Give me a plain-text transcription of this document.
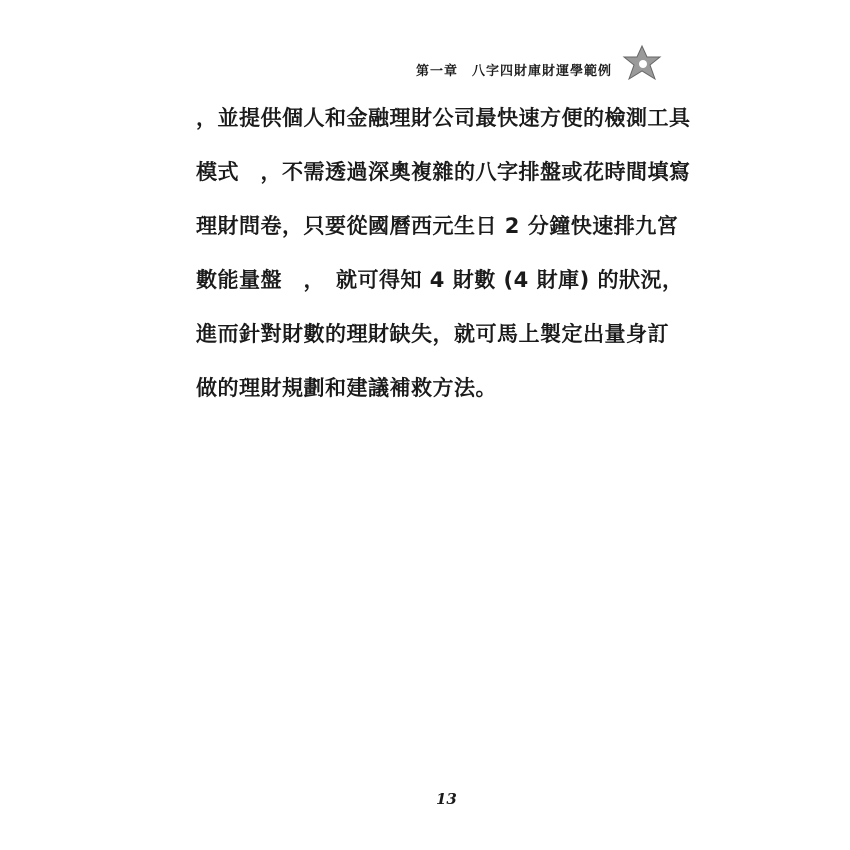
第一章　八字四財庫財運學範例
，並提供個人和金融理財公司最快速方便的檢測工具
模式　，不需透過深奧複雜的八字排盤或花時間填寫
理財問卷，只要從國曆西元生日 2 分鐘快速排九宮
數能量盤　，　就可得知 4 財數 (4 財庫) 的狀況，
進而針對財數的理財缺失，就可馬上製定出量身訂
做的理財規劃和建議補救方法。
13
